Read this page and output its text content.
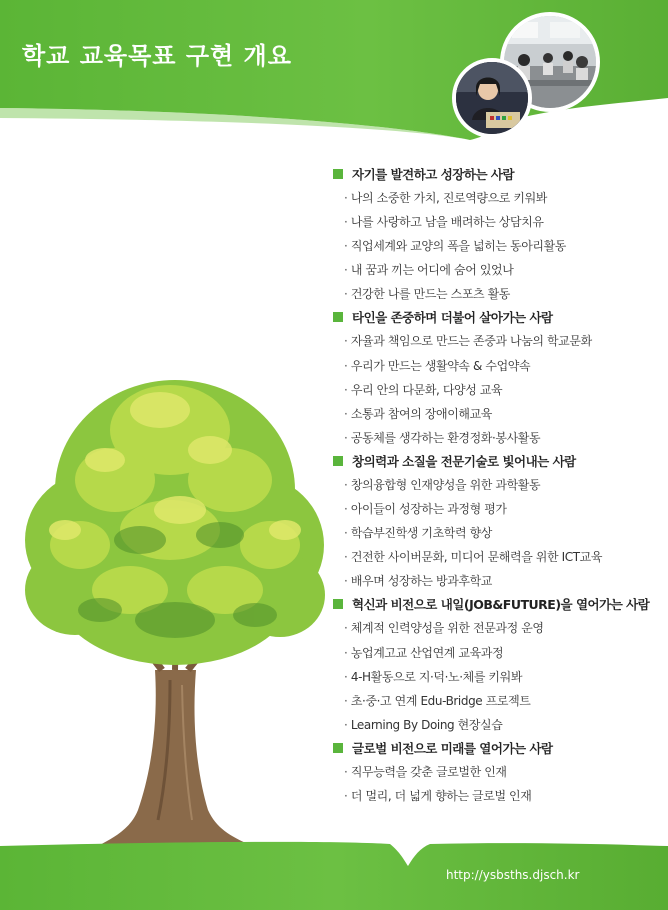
학교 교육목표 구현 개요
자기를 발견하고 성장하는 사람
· 나의 소중한 가치, 진로역량으로 키워봐
· 나를 사랑하고 남을 배려하는 상담치유
· 직업세계와 교양의 폭을 넓히는 동아리활동
· 내 꿈과 끼는 어디에 숨어 있었나
· 건강한 나를 만드는 스포츠 활동
타인을 존중하며 더불어 살아가는 사람
· 자율과 책임으로 만드는 존중과 나눔의 학교문화
· 우리가 만드는 생활약속 & 수업약속
· 우리 안의 다문화, 다양성 교육
· 소통과 참여의 장애이해교육
· 공동체를 생각하는 환경정화·봉사활동
창의력과 소질을 전문기술로 빛어내는 사람
· 창의융합형 인재양성을 위한 과학활동
· 아이들이 성장하는 과정형 평가
· 학습부진학생 기초학력 향상
· 건전한 사이버문화, 미디어 문해력을 위한 ICT교육
· 배우며 성장하는 방과후학교
혁신과 비전으로 내일(JOB&FUTURE)을 열어가는 사람
· 체계적 인력양성을 위한 전문과정 운영
· 농업계고교 산업연계 교육과정
· 4-H활동으로 지·덕·노·체를 키워봐
· 초·중·고 연계 Edu-Bridge 프로젝트
· Learning By Doing 현장실습
글로벌 비전으로 미래를 열어가는 사람
· 직무능력을 갖춘 글로벌한 인재
· 더 멀리, 더 넓게 향하는 글로벌 인재
http://ysbsths.djsch.kr
